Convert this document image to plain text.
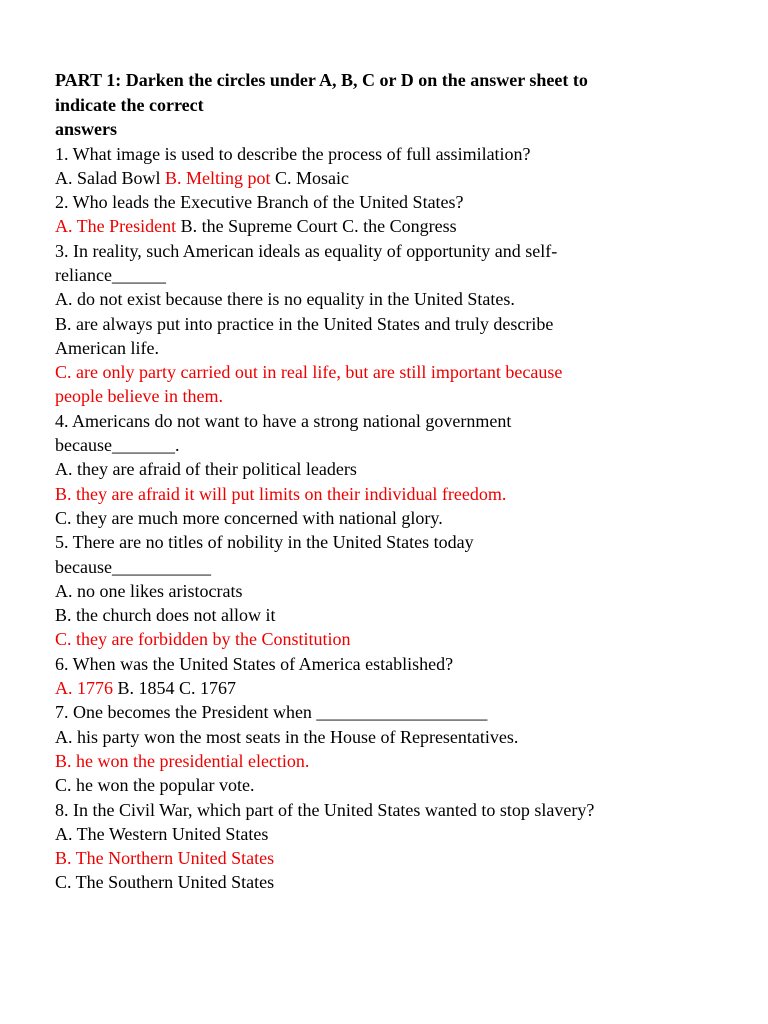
PART 1: Darken the circles under A, B, C or D on the answer sheet to
indicate the correct
answers
1. What image is used to describe the process of full assimilation?
A. Salad Bowl B. Melting pot C. Mosaic
2. Who leads the Executive Branch of the United States?
A. The President B. the Supreme Court C. the Congress
3. In reality, such American ideals as equality of opportunity and self-
reliance______
A. do not exist because there is no equality in the United States.
B. are always put into practice in the United States and truly describe
American life.
C. are only party carried out in real life, but are still important because
people believe in them.
4. Americans do not want to have a strong national government
because_______.
A. they are afraid of their political leaders
B. they are afraid it will put limits on their individual freedom.
C. they are much more concerned with national glory.
5. There are no titles of nobility in the United States today
because___________
A. no one likes aristocrats
B. the church does not allow it
C. they are forbidden by the Constitution
6. When was the United States of America established?
A. 1776 B. 1854 C. 1767
7. One becomes the President when ___________________
A. his party won the most seats in the House of Representatives.
B. he won the presidential election.
C. he won the popular vote.
8. In the Civil War, which part of the United States wanted to stop slavery?
A. The Western United States
B. The Northern United States
C. The Southern United States
